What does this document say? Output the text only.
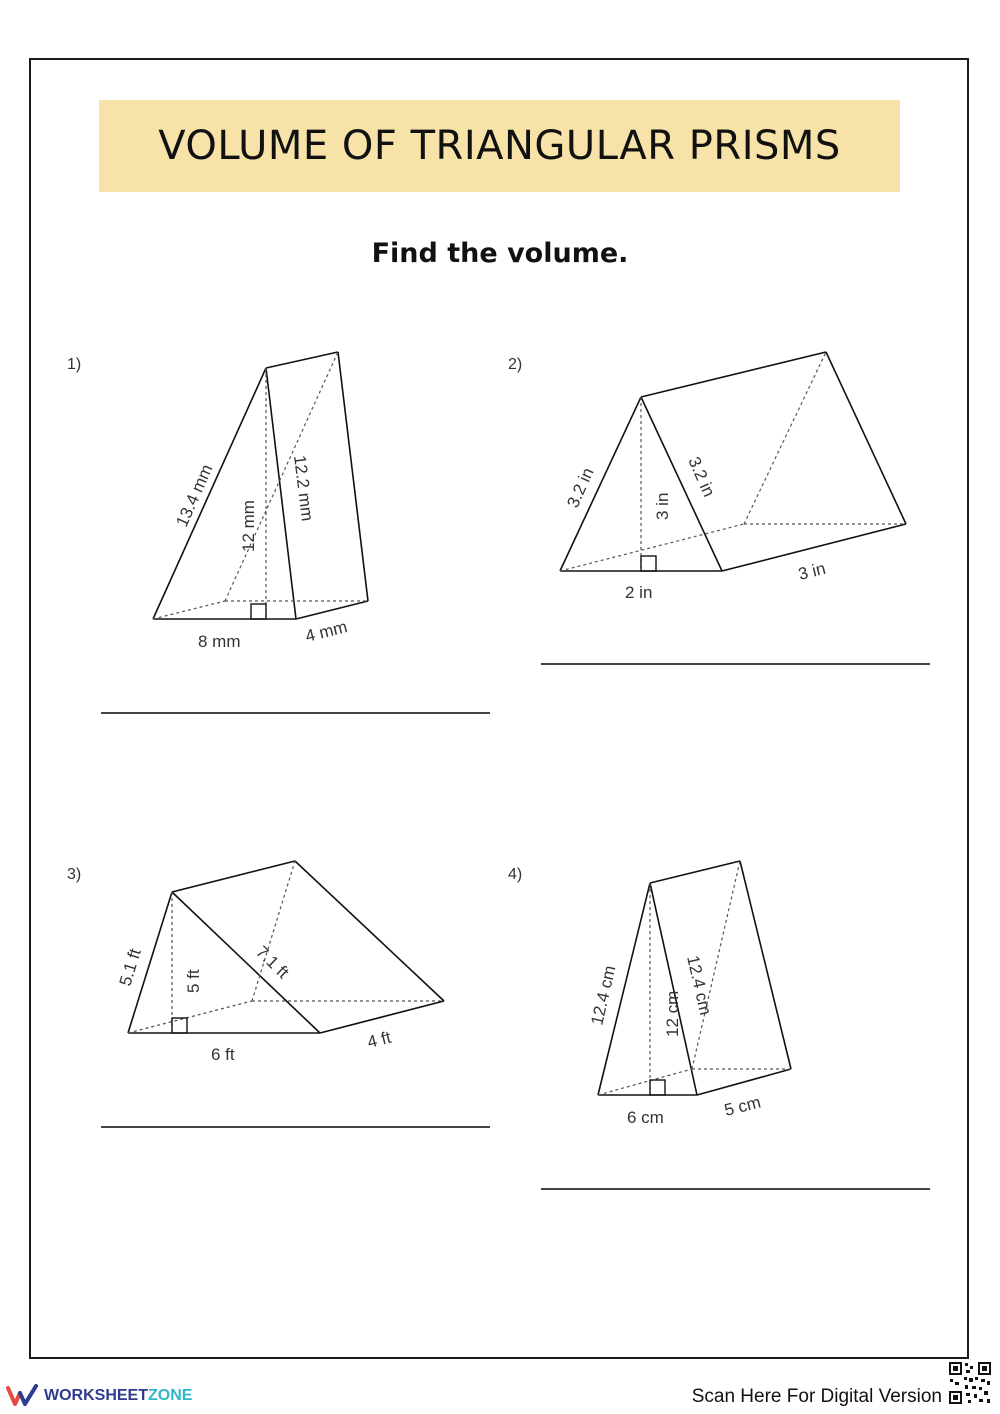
VOLUME OF TRIANGULAR PRISMS
Find the volume.
1)
13.4 mm 12 mm
12.2 mm
8 mm	4 mm
2)
3.2 in	3 in
3.2 in
2 in
3 in
3)
5.1 ft 5 ft	7.1 ft
6 ft
4 ft
4)
12.4 cm	12 cm 12.4 cm
6 cm	5 cm
WORKSHEETZONE	Scan Here For Digital Version
